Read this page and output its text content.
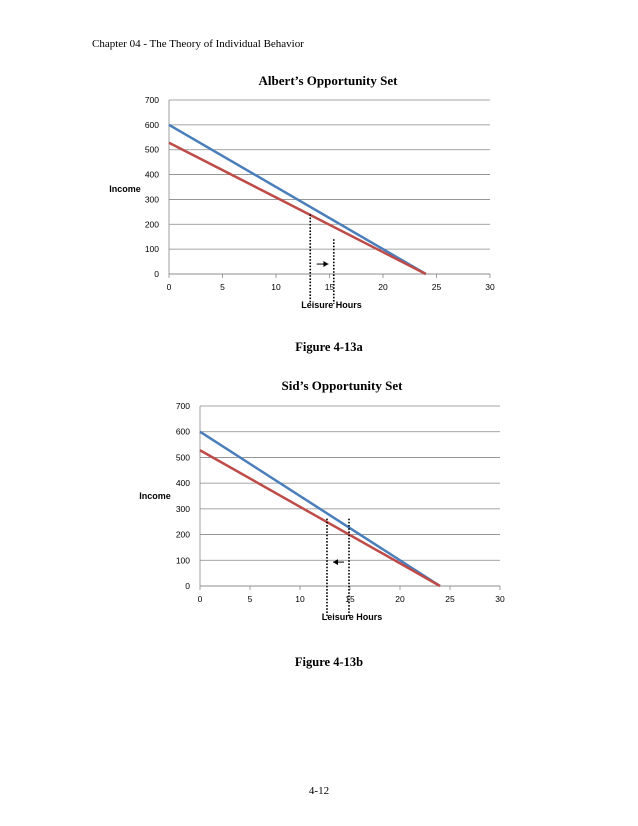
Chapter 04 - The Theory of Individual Behavior
Albert’s Opportunity Set
0
100
200
300
400
500
600
700
0	5	10	15	20	25	30
Income
Leisure Hours
Figure 4-13a
Sid’s Opportunity Set
0
100
200
300
400
500
600
700
0	5	10	15	20	25	30
Income
Leisure Hours
Figure 4-13b
4-12
